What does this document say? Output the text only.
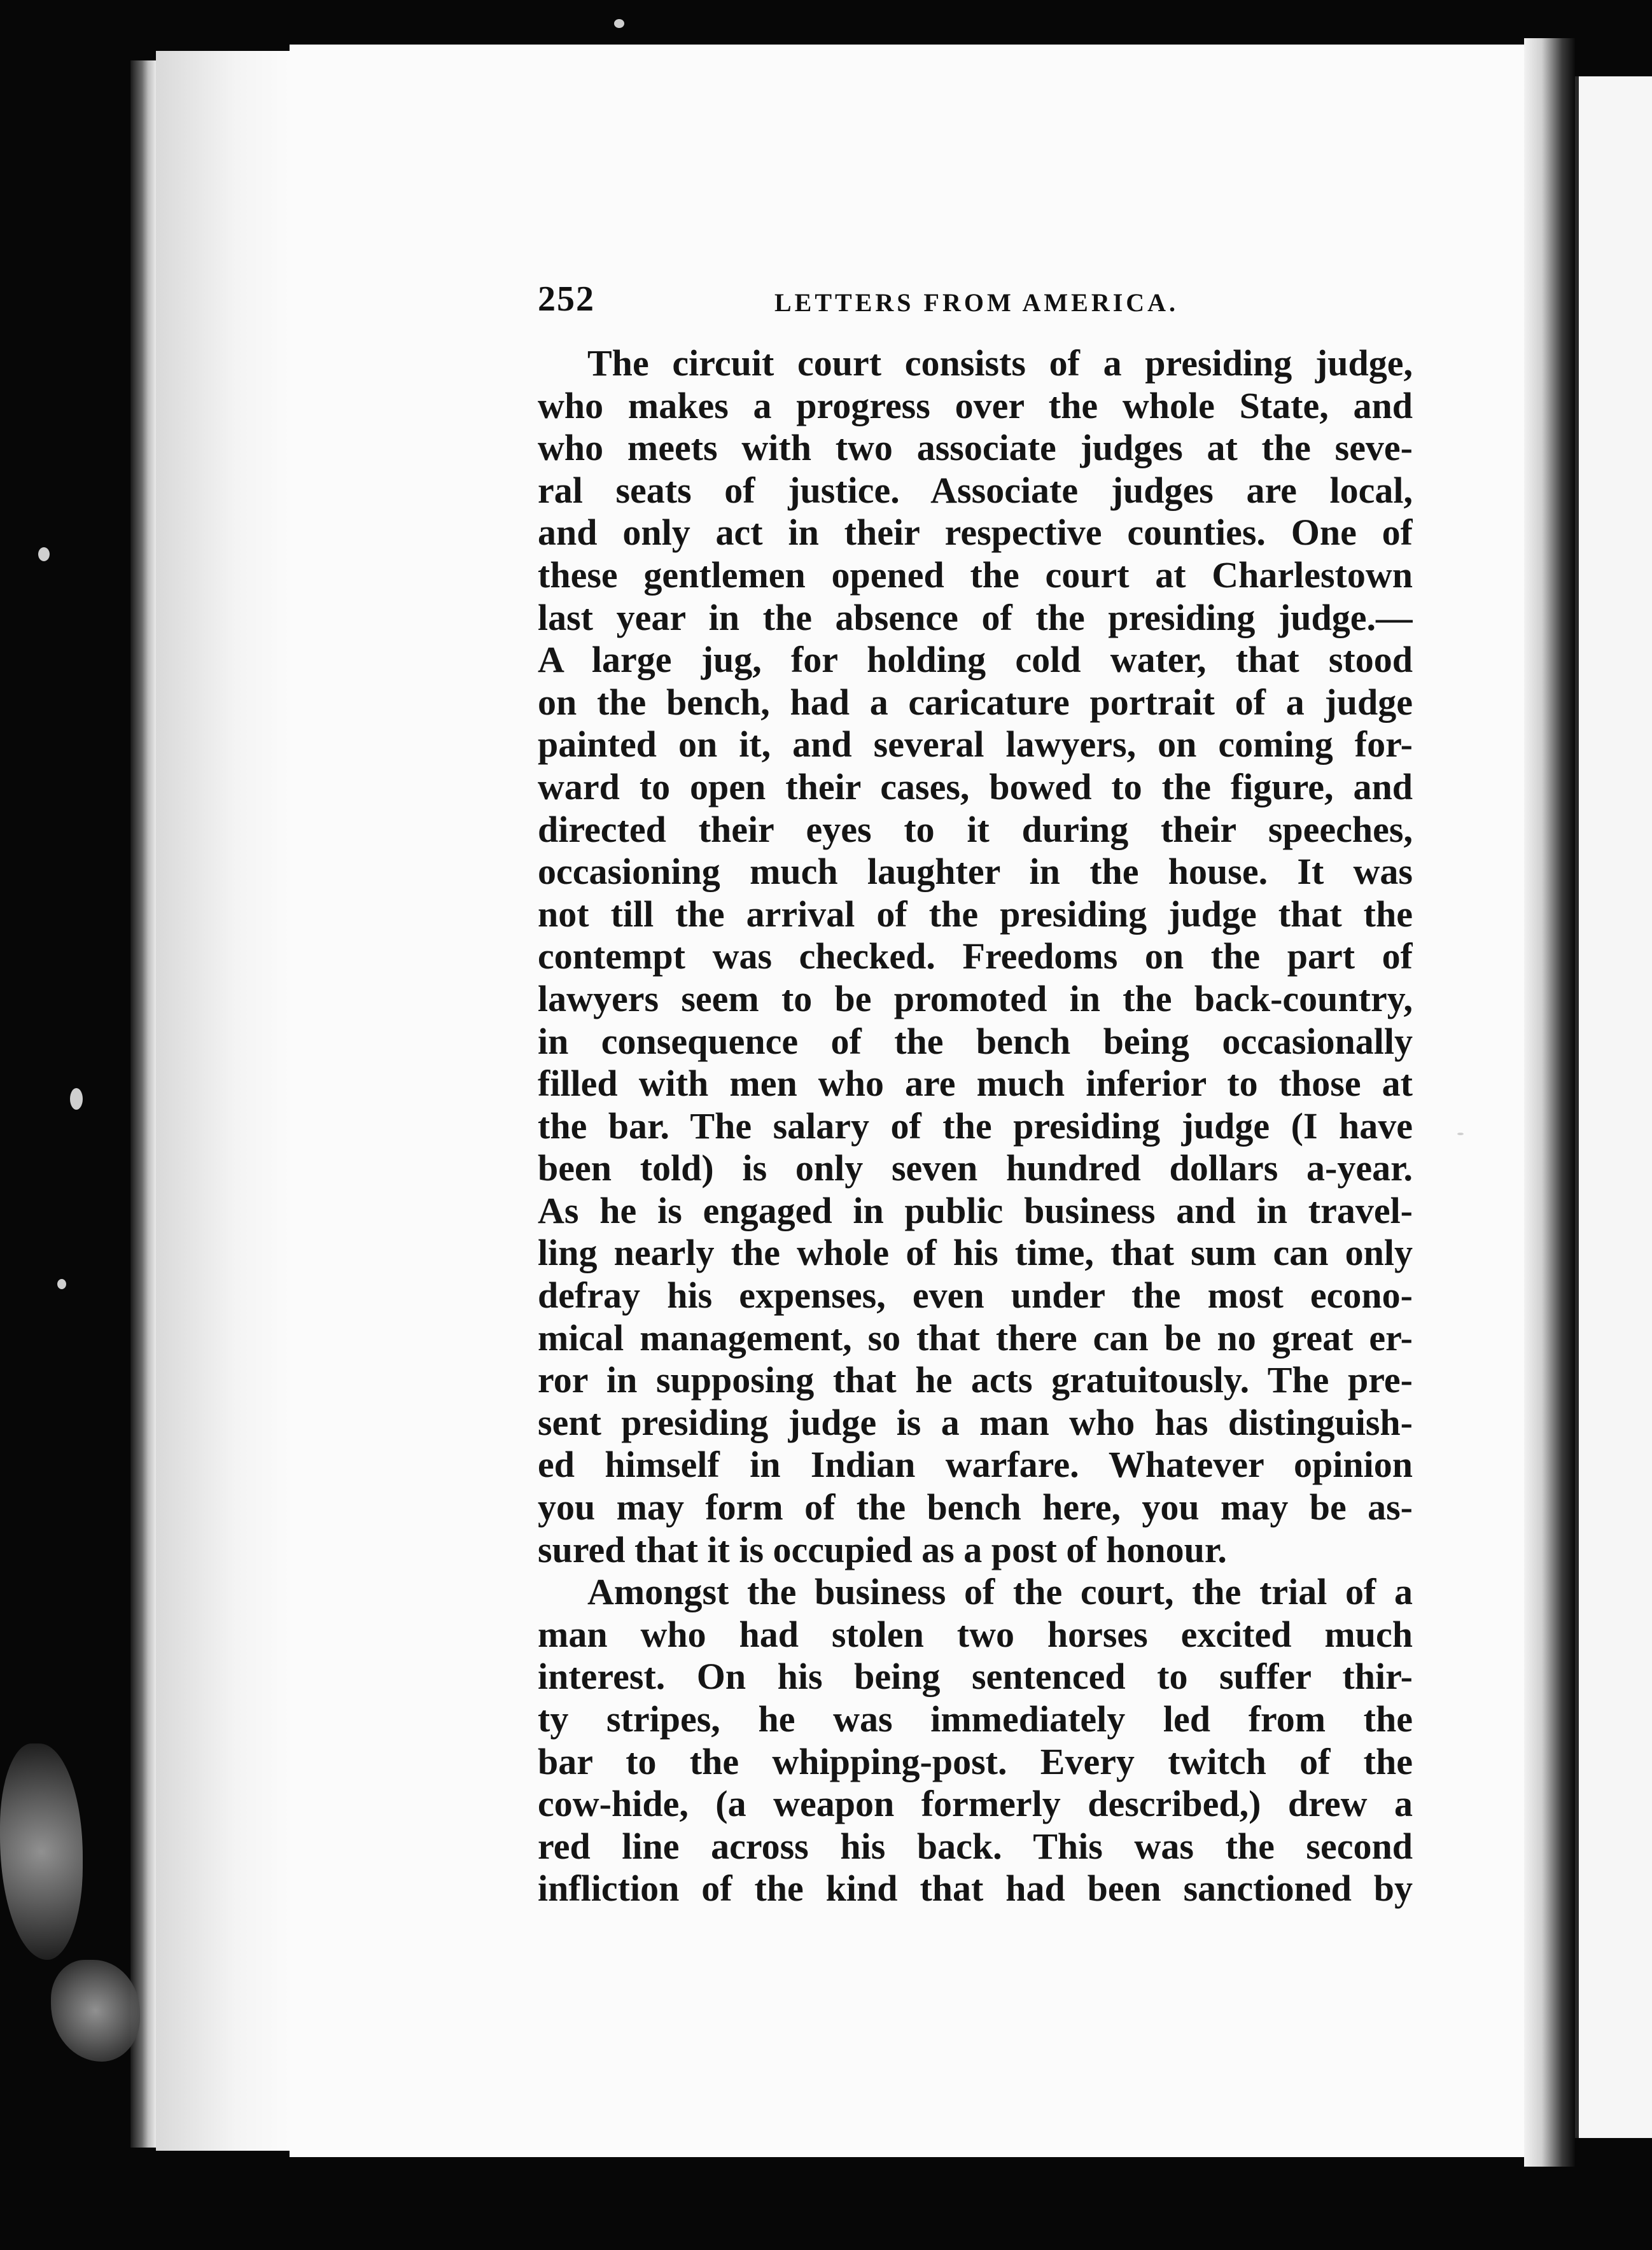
252	LETTERS FROM AMERICA.
The circuit court consists of a presiding judge,
who makes a progress over the whole State, and
who meets with two associate judges at the seve-
ral seats of justice. Associate judges are local,
and only act in their respective counties. One of
these gentlemen opened the court at Charlestown
last year in the absence of the presiding judge.—
A large jug, for holding cold water, that stood
on the bench, had a caricature portrait of a judge
painted on it, and several lawyers, on coming for-
ward to open their cases, bowed to the figure, and
directed their eyes to it during their speeches,
occasioning much laughter in the house. It was
not till the arrival of the presiding judge that the
contempt was checked. Freedoms on the part of
lawyers seem to be promoted in the back-country,
in consequence of the bench being occasionally
filled with men who are much inferior to those at
the bar. The salary of the presiding judge (I have
been told) is only seven hundred dollars a-year.
As he is engaged in public business and in travel-
ling nearly the whole of his time, that sum can only
defray his expenses, even under the most econo-
mical management, so that there can be no great er-
ror in supposing that he acts gratuitously. The pre-
sent presiding judge is a man who has distinguish-
ed himself in Indian warfare. Whatever opinion
you may form of the bench here, you may be as-
sured that it is occupied as a post of honour.
Amongst the business of the court, the trial of a
man who had stolen two horses excited much
interest. On his being sentenced to suffer thir-
ty stripes, he was immediately led from the
bar to the whipping-post. Every twitch of the
cow-hide, (a weapon formerly described,) drew a
red line across his back. This was the second
infliction of the kind that had been sanctioned by
